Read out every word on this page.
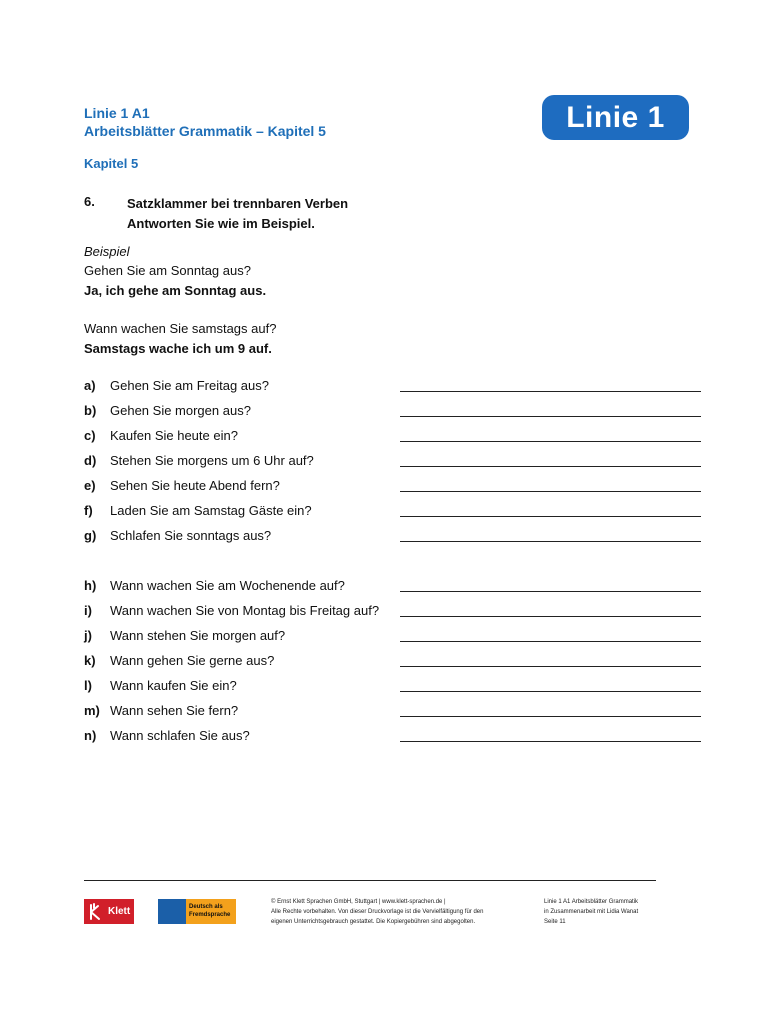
Linie 1 A1
Arbeitsblätter Grammatik – Kapitel 5	Linie 1
Kapitel 5
6. Satzklammer bei trennbaren Verben
Antworten Sie wie im Beispiel.
Beispiel
Gehen Sie am Sonntag aus?
Ja, ich gehe am Sonntag aus.
Wann wachen Sie samstags auf?
Samstags wache ich um 9 auf.
a) Gehen Sie am Freitag aus?
b) Gehen Sie morgen aus?
c) Kaufen Sie heute ein?
d) Stehen Sie morgens um 6 Uhr auf?
e) Sehen Sie heute Abend fern?
f) Laden Sie am Samstag Gäste ein?
g) Schlafen Sie sonntags aus?
h) Wann wachen Sie am Wochenende auf?
i) Wann wachen Sie von Montag bis Freitag auf?
j) Wann stehen Sie morgen auf?
k) Wann gehen Sie gerne aus?
l) Wann kaufen Sie ein?
m) Wann sehen Sie fern?
n) Wann schlafen Sie aus?
Klett	Deutsch als
Fremdsprache
© Ernst Klett Sprachen GmbH, Stuttgart | www.klett-sprachen.de |
Alle Rechte vorbehalten. Von dieser Druckvorlage ist die Vervielfältigung für den
eigenen Unterrichtsgebrauch gestattet. Die Kopiergebühren sind abgegolten.
Linie 1 A1 Arbeitsblätter Grammatik
in Zusammenarbeit mit Lidia Wanat
Seite 11
